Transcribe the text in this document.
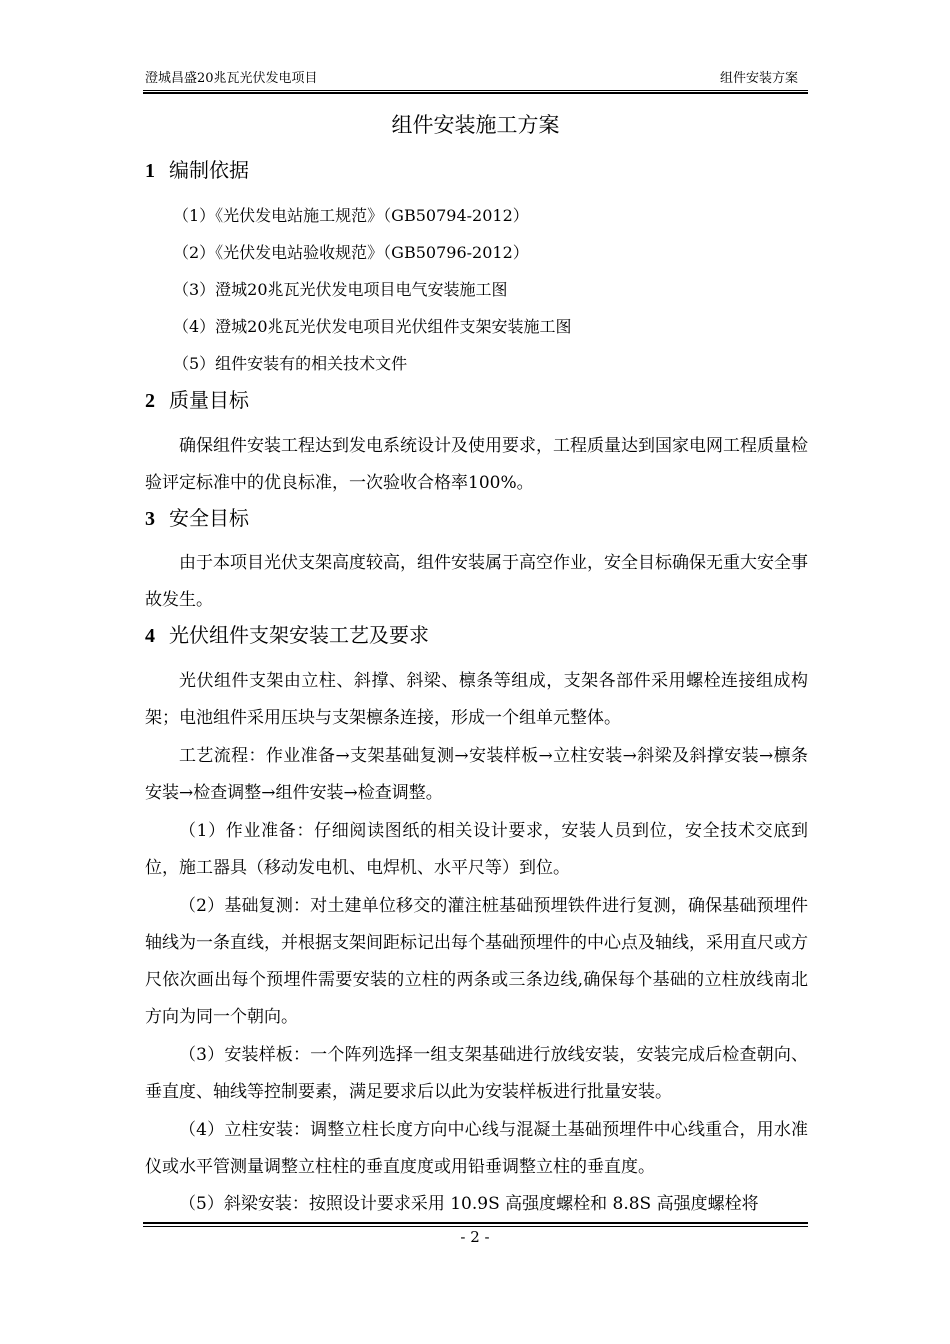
澄城昌盛20兆瓦光伏发电项目	组件安装方案
组件安装施工方案
1 编制依据
（1）《光伏发电站施工规范》（GB50794-2012）
（2）《光伏发电站验收规范》（GB50796-2012）
（3）澄城20兆瓦光伏发电项目电气安装施工图
（4）澄城20兆瓦光伏发电项目光伏组件支架安装施工图
（5）组件安装有的相关技术文件
2 质量目标
确保组件安装工程达到发电系统设计及使用要求，工程质量达到国家电网工程质量检验评定标准中的优良标准，一次验收合格率100%。
3 安全目标
由于本项目光伏支架高度较高，组件安装属于高空作业，安全目标确保无重大安全事故发生。
4 光伏组件支架安装工艺及要求
光伏组件支架由立柱、斜撑、斜梁、檩条等组成，支架各部件采用螺栓连接组成构架；电池组件采用压块与支架檩条连接，形成一个组单元整体。
工艺流程：作业准备→支架基础复测→安装样板→立柱安装→斜梁及斜撑安装→檩条安装→检查调整→组件安装→检查调整。
（1）作业准备：仔细阅读图纸的相关设计要求，安装人员到位，安全技术交底到位，施工器具（移动发电机、电焊机、水平尺等）到位。
（2）基础复测：对土建单位移交的灌注桩基础预埋铁件进行复测，确保基础预埋件轴线为一条直线，并根据支架间距标记出每个基础预埋件的中心点及轴线，采用直尺或方尺依次画出每个预埋件需要安装的立柱的两条或三条边线,确保每个基础的立柱放线南北方向为同一个朝向。
（3）安装样板：一个阵列选择一组支架基础进行放线安装，安装完成后检查朝向、垂直度、轴线等控制要素，满足要求后以此为安装样板进行批量安装。
（4）立柱安装：调整立柱长度方向中心线与混凝土基础预埋件中心线重合，用水准仪或水平管测量调整立柱柱的垂直度度或用铅垂调整立柱的垂直度。
（5）斜梁安装：按照设计要求采用 10.9S 高强度螺栓和 8.8S 高强度螺栓将
- 2 -
